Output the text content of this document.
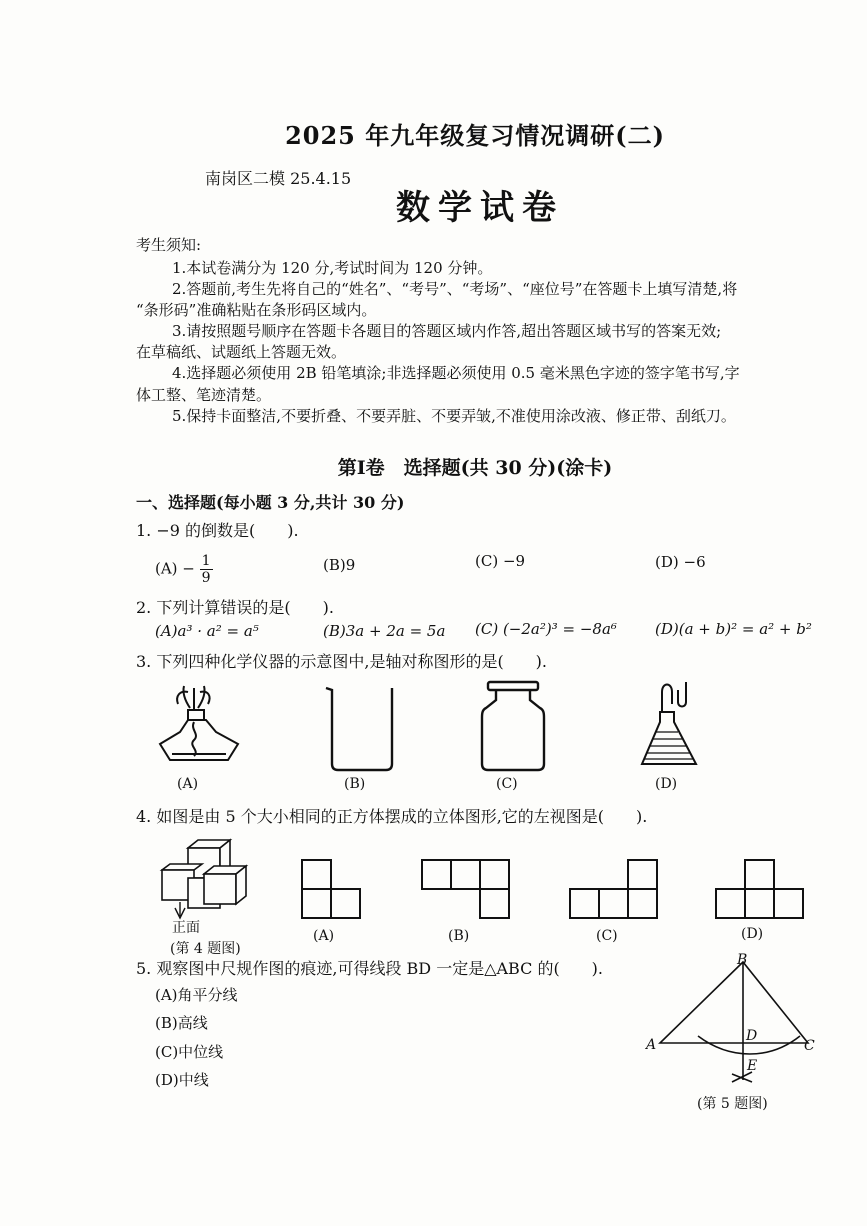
2025 年九年级复习情况调研(二)
南岗区二模 25.4.15
数学试卷
考生须知:
1.本试卷满分为 120 分,考试时间为 120 分钟。
2.答题前,考生先将自己的“姓名”、“考号”、“考场”、“座位号”在答题卡上填写清楚,将
“条形码”准确粘贴在条形码区域内。
3.请按照题号顺序在答题卡各题目的答题区域内作答,超出答题区域书写的答案无效;
在草稿纸、试题纸上答题无效。
4.选择题必须使用 2B 铅笔填涂;非选择题必须使用 0.5 毫米黑色字迹的签字笔书写,字
体工整、笔迹清楚。
5.保持卡面整洁,不要折叠、不要弄脏、不要弄皱,不准使用涂改液、修正带、刮纸刀。
第Ⅰ卷　选择题(共 30 分)(涂卡)
一、选择题(每小题 3 分,共计 30 分)
1. −9 的倒数是(　　).
$(A) - \frac{1}{9}$	(B)9	(C) −9	(D) −6
2. 下列计算错误的是(　　).
(A)a³ · a² = a⁵	(B)3a + 2a = 5a (C) (−2a²)³ = −8a⁶	(D)(a + b)² = a² + b²
3. 下列四种化学仪器的示意图中,是轴对称图形的是(　　).
(A)	(B)	(C)	(D)
4. 如图是由 5 个大小相同的正方体摆成的立体图形,它的左视图是(　　).
正面
(第 4 题图)
(A)	(B)	(C)	(D)
5. 观察图中尺规作图的痕迹,可得线段 BD 一定是△ABC 的(　　).
(A)角平分线
(B)高线
(C)中位线
(D)中线
B
A	C
D
E
(第 5 题图)
